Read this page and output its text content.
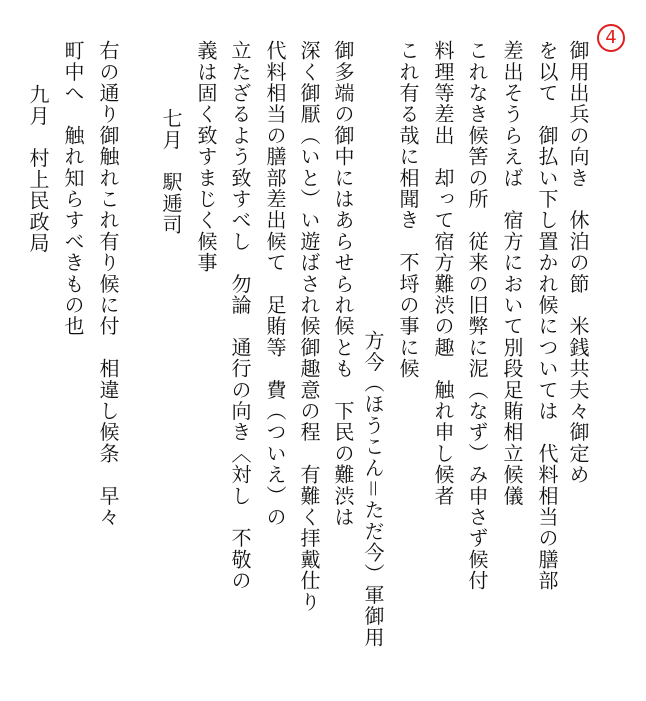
4
御用出兵の向き　休泊の節　米銭共夫々御定め
を以て　御払い下し置かれ候については　代料相当の膳部
差出そうらえば　宿方において別段足賄相立候儀
これなき候筈の所　従来の旧弊に泥（なず）み申さず候付
料理等差出　却って宿方難渋の趣　触れ申し候者
これ有る哉に相聞き　不埒の事に候
方今（ほうこん＝ただ今）軍御用
御多端の御中にはあらせられ候とも　下民の難渋は
深く御厭（いと）い遊ばされ候御趣意の程　有難く拝戴仕り
代料相当の膳部差出候て　足賄等　費（ついえ）の
立たざるよう致すべし　勿論　通行の向き〈対し　不敬の
義は固く致すまじく候事
七月　駅逓司
右の通り御触れこれ有り候に付　相違し候条　早々
町中へ　触れ知らすべきもの也
九月　村上民政局
